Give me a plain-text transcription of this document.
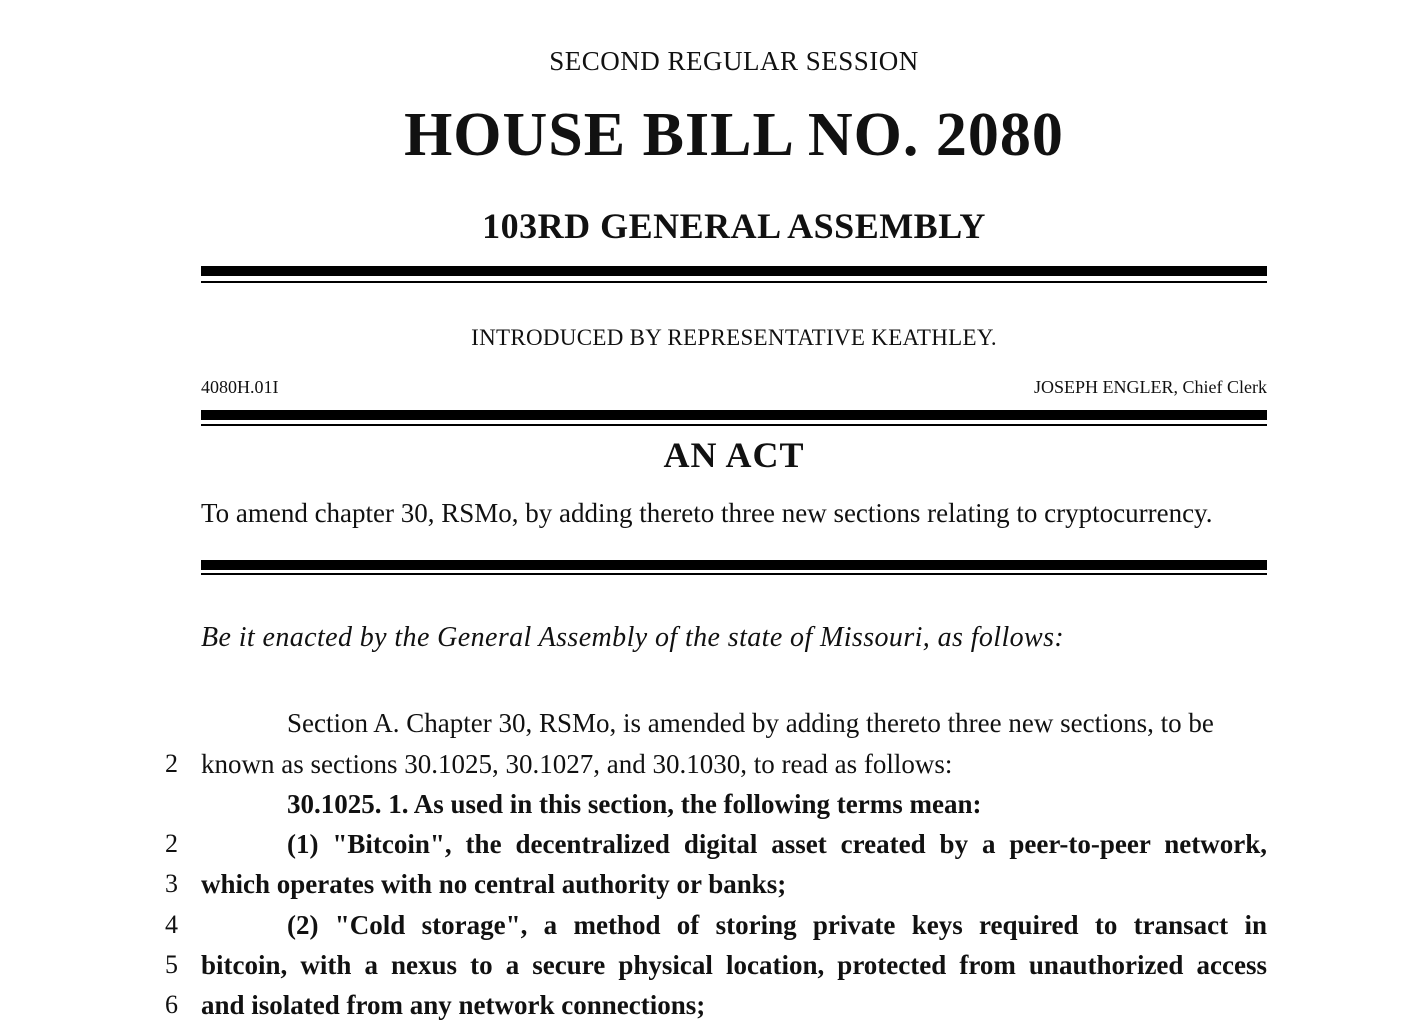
SECOND REGULAR SESSION
HOUSE BILL NO. 2080
103RD GENERAL ASSEMBLY
INTRODUCED BY REPRESENTATIVE KEATHLEY.
4080H.01I	JOSEPH ENGLER, Chief Clerk
AN ACT
To amend chapter 30, RSMo, by adding thereto three new sections relating to cryptocurrency.
Be it enacted by the General Assembly of the state of Missouri, as follows:
Section A. Chapter 30, RSMo, is amended by adding thereto three new sections, to be
2 known as sections 30.1025, 30.1027, and 30.1030, to read as follows:
30.1025. 1. As used in this section, the following terms mean:
2	(1) "Bitcoin", the decentralized digital asset created by a peer-to-peer network,
3 which operates with no central authority or banks;
4	(2) "Cold storage", a method of storing private keys required to transact in
5 bitcoin, with a nexus to a secure physical location, protected from unauthorized access
6 and isolated from any network connections;
